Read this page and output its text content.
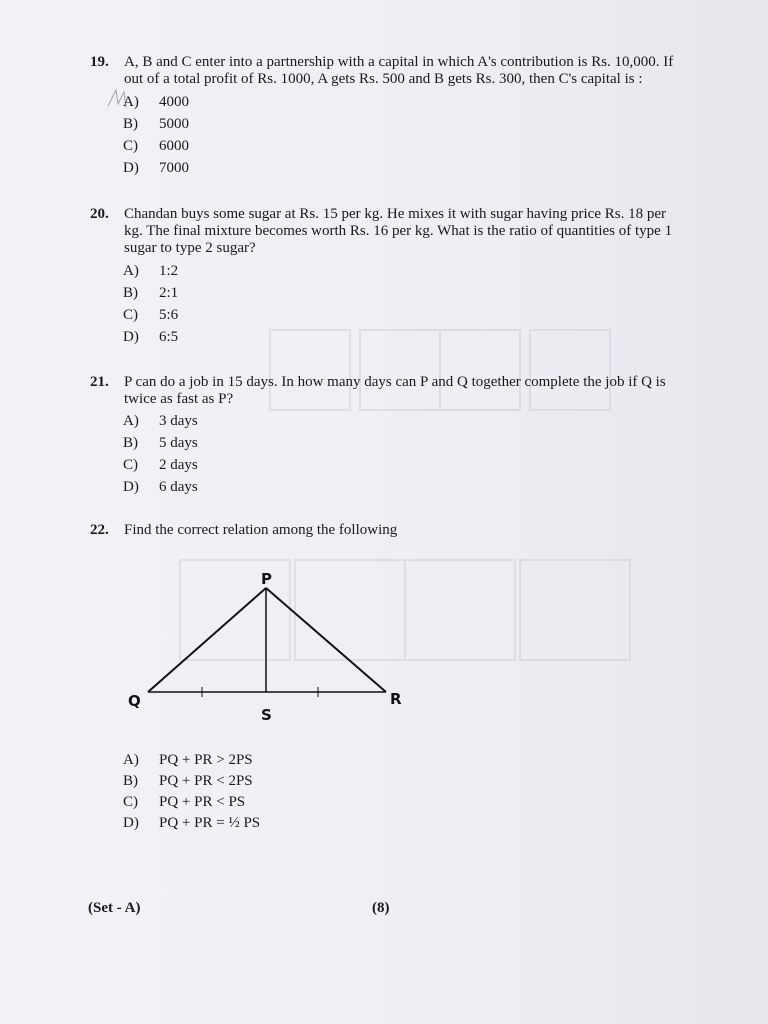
19. A, B and C enter into a partnership with a capital in which A's contribution is Rs. 10,000. If out of a total profit of Rs. 1000, A gets Rs. 500 and B gets Rs. 300, then C's capital is :
A)	4000
B)	5000
C)	6000
D)	7000
20. Chandan buys some sugar at Rs. 15 per kg. He mixes it with sugar having price Rs. 18 per kg. The final mixture becomes worth Rs. 16 per kg. What is the ratio of quantities of type 1 sugar to type 2 sugar?
A)	1:2
B)	2:1
C)	5:6
D)	6:5
21. P can do a job in 15 days. In how many days can P and Q together complete the job if Q is twice as fast as P?
A)	3 days
B)	5 days
C)	2 days
D)	6 days
22. Find the correct relation among the following
P
Q	R
S
A)	PQ + PR > 2PS
B)	PQ + PR < 2PS
C)	PQ + PR < PS
D)	PQ + PR = ½ PS
(Set - A)	(8)
